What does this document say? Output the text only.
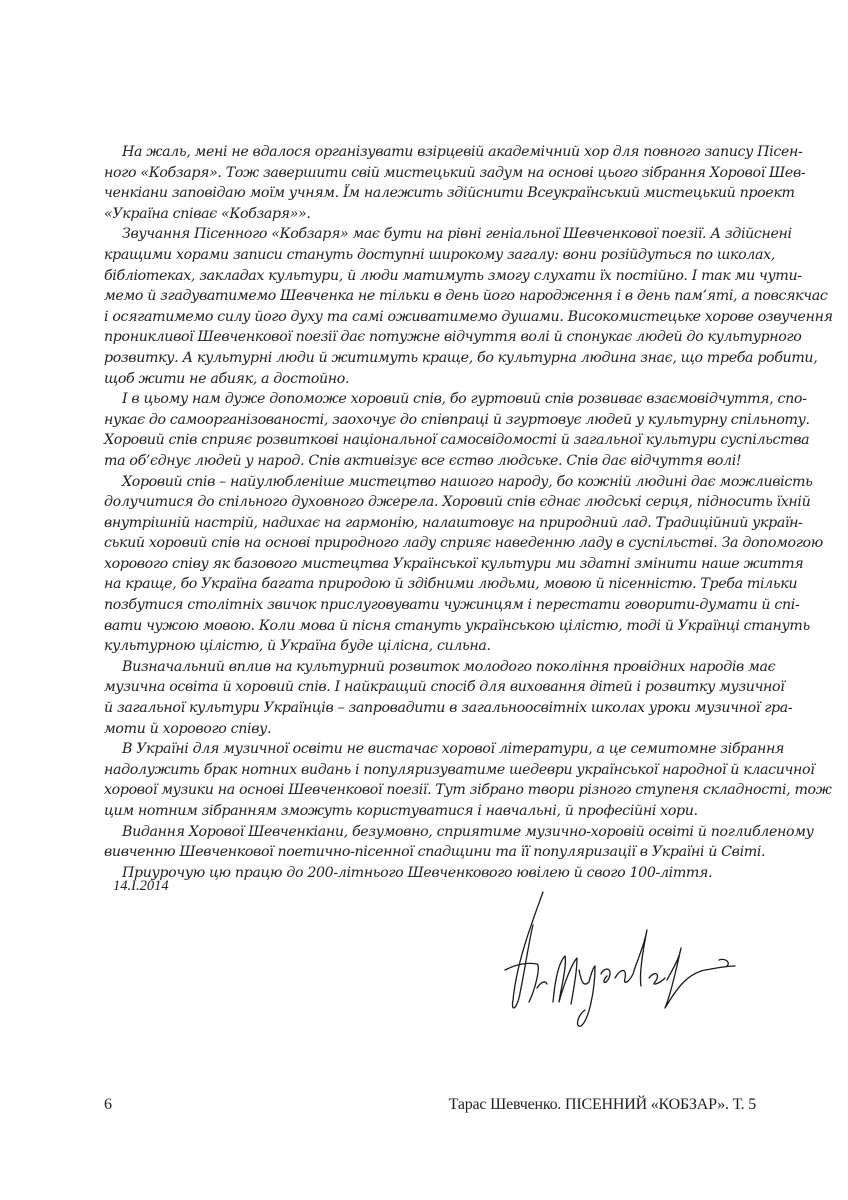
На жаль, мені не вдалося організувати взірцевій академічний хор для повного запису Пісен-
ного «Кобзаря». Тож завершити свій мистецький задум на основі цього зібрання Хорової Шев-
ченкіани заповідаю моїм учням. Їм належить здійснити Всеукраїнський мистецький проект
«Україна співає «Кобзаря»».
Звучання Пісенного «Кобзаря» має бути на рівні геніальної Шевченкової поезії. А здійснені
кращими хорами записи стануть доступні широкому загалу: вони розійдуться по школах,
бібліотеках, закладах культури, й люди матимуть змогу слухати їх постійно. І так ми чути-
мемо й згадуватимемо Шевченка не тільки в день його народження і в день пам’яті, а повсякчас
і осягатимемо силу його духу та самі оживатимемо душами. Високомистецьке хорове озвучення
проникливої Шевченкової поезії дає потужне відчуття волі й спонукає людей до культурного
розвитку. А культурні люди й житимуть краще, бо культурна людина знає, що треба робити,
щоб жити не абияк, а достойно.
І в цьому нам дуже допоможе хоровий спів, бо гуртовий спів розвиває взаємовідчуття, спо-
нукає до самоорганізованості, заохочує до співпраці й згуртовує людей у культурну спільноту.
Хоровий спів сприяє розвиткові національної самосвідомості й загальної культури суспільства
та об’єднує людей у народ. Спів активізує все єство людське. Спів дає відчуття волі!
Хоровий спів – найулюбленіше мистецтво нашого народу, бо кожній людині дає можливість
долучитися до спільного духовного джерела. Хоровий спів єднає людські серця, підносить їхній
внутрішній настрій, надихає на гармонію, налаштовує на природний лад. Традиційний україн-
ський хоровий спів на основі природного ладу сприяє наведенню ладу в суспільстві. За допомогою
хорового співу як базового мистецтва Української культури ми здатні змінити наше життя
на краще, бо Україна багата природою й здібними людьми, мовою й пісенністю. Треба тільки
позбутися столітніх звичок прислуговувати чужинцям і перестати говорити-думати й спі-
вати чужою мовою. Коли мова й пісня стануть українською цілістю, тоді й Українці стануть
культурною цілістю, й Україна буде цілісна, сильна.
Визначальний вплив на культурний розвиток молодого покоління провідних народів має
музична освіта й хоровий спів. І найкращий спосіб для виховання дітей і розвитку музичної
й загальної культури Українців – запровадити в загальноосвітніх школах уроки музичної гра-
моти й хорового співу.
В Україні для музичної освіти не вистачає хорової літератури, а це семитомне зібрання
надолужить брак нотних видань і популяризуватиме шедеври української народної й класичної
хорової музики на основі Шевченкової поезії. Тут зібрано твори різного ступеня складності, тож
цим нотним зібранням зможуть користуватися і навчальні, й професійні хори.
Видання Хорової Шевченкіани, безумовно, сприятиме музично-хоровій освіті й поглибленому
вивченню Шевченкової поетично-пісенної спадщини та її популяризації в Україні й Світі.
Приурочую цю працю до 200-літнього Шевченкового ювілею й свого 100-ліття.
14.I.2014
6	Тарас Шевченко. ПІСЕННИЙ «КОБЗАР». Т. 5
